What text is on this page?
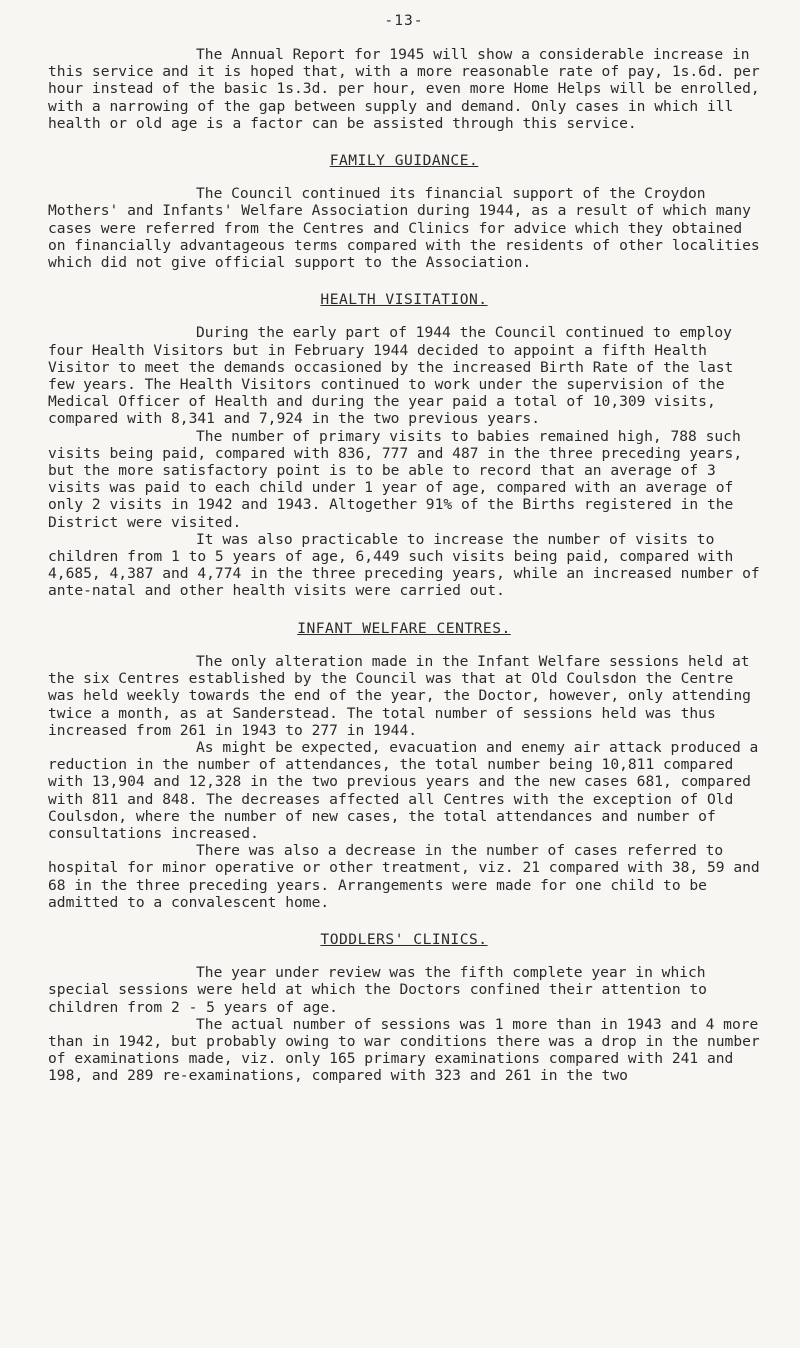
-13-

The Annual Report for 1945 will show a considerable increase in this service and it is hoped that, with a more reasonable rate of pay, 1s.6d. per hour instead of the basic 1s.3d. per hour, even more Home Helps will be enrolled, with a narrowing of the gap between supply and demand. Only cases in which ill health or old age is a factor can be assisted through this service.

FAMILY GUIDANCE.

The Council continued its financial support of the Croydon Mothers' and Infants' Welfare Association during 1944, as a result of which many cases were referred from the Centres and Clinics for advice which they obtained on financially advantageous terms compared with the residents of other localities which did not give official support to the Association.

HEALTH VISITATION.

During the early part of 1944 the Council continued to employ four Health Visitors but in February 1944 decided to appoint a fifth Health Visitor to meet the demands occasioned by the increased Birth Rate of the last few years. The Health Visitors continued to work under the supervision of the Medical Officer of Health and during the year paid a total of 10,309 visits, compared with 8,341 and 7,924 in the two previous years.

The number of primary visits to babies remained high, 788 such visits being paid, compared with 836, 777 and 487 in the three preceding years, but the more satisfactory point is to be able to record that an average of 3 visits was paid to each child under 1 year of age, compared with an average of only 2 visits in 1942 and 1943. Altogether 91% of the Births registered in the District were visited.

It was also practicable to increase the number of visits to children from 1 to 5 years of age, 6,449 such visits being paid, compared with 4,685, 4,387 and 4,774 in the three preceding years, while an increased number of ante-natal and other health visits were carried out.

INFANT WELFARE CENTRES.

The only alteration made in the Infant Welfare sessions held at the six Centres established by the Council was that at Old Coulsdon the Centre was held weekly towards the end of the year, the Doctor, however, only attending twice a month, as at Sanderstead. The total number of sessions held was thus increased from 261 in 1943 to 277 in 1944.

As might be expected, evacuation and enemy air attack produced a reduction in the number of attendances, the total number being 10,811 compared with 13,904 and 12,328 in the two previous years and the new cases 681, compared with 811 and 848. The decreases affected all Centres with the exception of Old Coulsdon, where the number of new cases, the total attendances and number of consultations increased.

There was also a decrease in the number of cases referred to hospital for minor operative or other treatment, viz. 21 compared with 38, 59 and 68 in the three preceding years. Arrangements were made for one child to be admitted to a convalescent home.

TODDLERS' CLINICS.

The year under review was the fifth complete year in which special sessions were held at which the Doctors confined their attention to children from 2 - 5 years of age.

The actual number of sessions was 1 more than in 1943 and 4 more than in 1942, but probably owing to war conditions there was a drop in the number of examinations made, viz. only 165 primary examinations compared with 241 and 198, and 289 re-examinations, compared with 323 and 261 in the two
